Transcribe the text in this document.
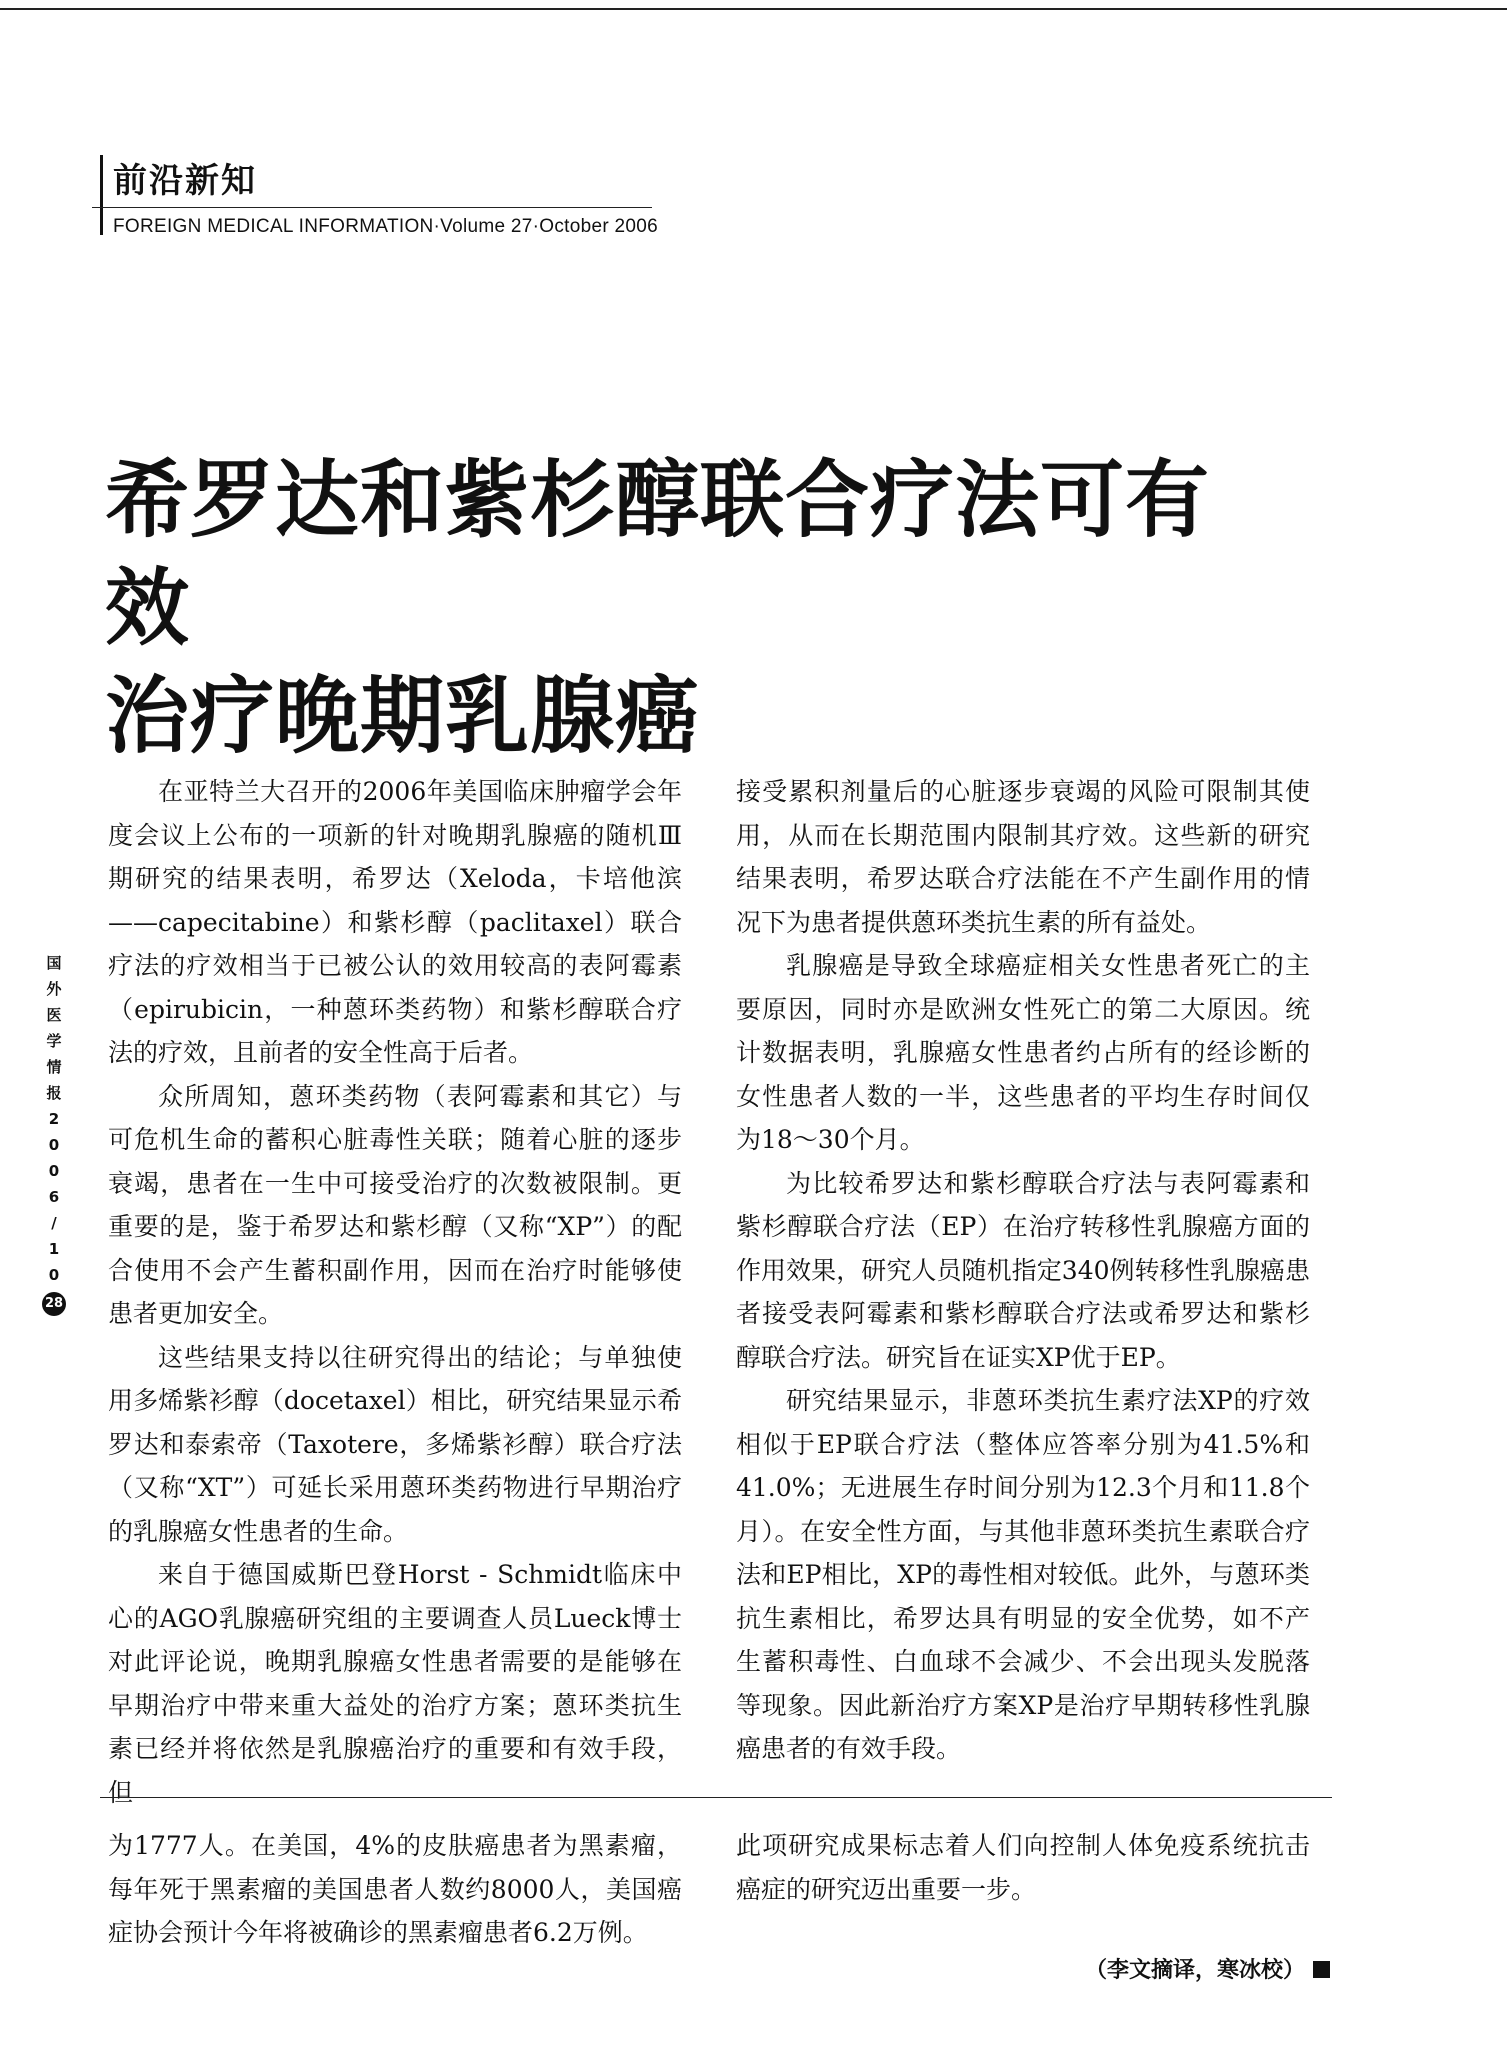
前沿新知
FOREIGN MEDICAL INFORMATION·Volume 27·October 2006
希罗达和紫杉醇联合疗法可有效
治疗晚期乳腺癌
国
外
医
学
情
报
2
0
0
6
/
1
0
28

在亚特兰大召开的2006年美国临床肿瘤学会年度会议上公布的一项新的针对晚期乳腺癌的随机Ⅲ期研究的结果表明，希罗达（Xeloda，卡培他滨——capecitabine）和紫杉醇（paclitaxel）联合疗法的疗效相当于已被公认的效用较高的表阿霉素（epirubicin，一种蒽环类药物）和紫杉醇联合疗法的疗效，且前者的安全性高于后者。

众所周知，蒽环类药物（表阿霉素和其它）与可危机生命的蓄积心脏毒性关联；随着心脏的逐步衰竭，患者在一生中可接受治疗的次数被限制。更重要的是，鉴于希罗达和紫杉醇（又称“XP”）的配合使用不会产生蓄积副作用，因而在治疗时能够使患者更加安全。

这些结果支持以往研究得出的结论；与单独使用多烯紫衫醇（docetaxel）相比，研究结果显示希罗达和泰索帝（Taxotere，多烯紫衫醇）联合疗法（又称“XT”）可延长采用蒽环类药物进行早期治疗的乳腺癌女性患者的生命。

来自于德国威斯巴登Horst - Schmidt临床中心的AGO乳腺癌研究组的主要调查人员Lueck博士对此评论说，晚期乳腺癌女性患者需要的是能够在早期治疗中带来重大益处的治疗方案；蒽环类抗生素已经并将依然是乳腺癌治疗的重要和有效手段，但

接受累积剂量后的心脏逐步衰竭的风险可限制其使用，从而在长期范围内限制其疗效。这些新的研究结果表明，希罗达联合疗法能在不产生副作用的情况下为患者提供蒽环类抗生素的所有益处。

乳腺癌是导致全球癌症相关女性患者死亡的主要原因，同时亦是欧洲女性死亡的第二大原因。统计数据表明，乳腺癌女性患者约占所有的经诊断的女性患者人数的一半，这些患者的平均生存时间仅为18～30个月。

为比较希罗达和紫杉醇联合疗法与表阿霉素和紫杉醇联合疗法（EP）在治疗转移性乳腺癌方面的作用效果，研究人员随机指定340例转移性乳腺癌患者接受表阿霉素和紫杉醇联合疗法或希罗达和紫杉醇联合疗法。研究旨在证实XP优于EP。

研究结果显示，非蒽环类抗生素疗法XP的疗效相似于EP联合疗法（整体应答率分别为41.5%和41.0%；无进展生存时间分别为12.3个月和11.8个月）。在安全性方面，与其他非蒽环类抗生素联合疗法和EP相比，XP的毒性相对较低。此外，与蒽环类抗生素相比，希罗达具有明显的安全优势，如不产生蓄积毒性、白血球不会减少、不会出现头发脱落等现象。因此新治疗方案XP是治疗早期转移性乳腺癌患者的有效手段。

为1777人。在美国，4%的皮肤癌患者为黑素瘤，每年死于黑素瘤的美国患者人数约8000人，美国癌症协会预计今年将被确诊的黑素瘤患者6.2万例。

此项研究成果标志着人们向控制人体免疫系统抗击癌症的研究迈出重要一步。

（李文摘译，寒冰校）
